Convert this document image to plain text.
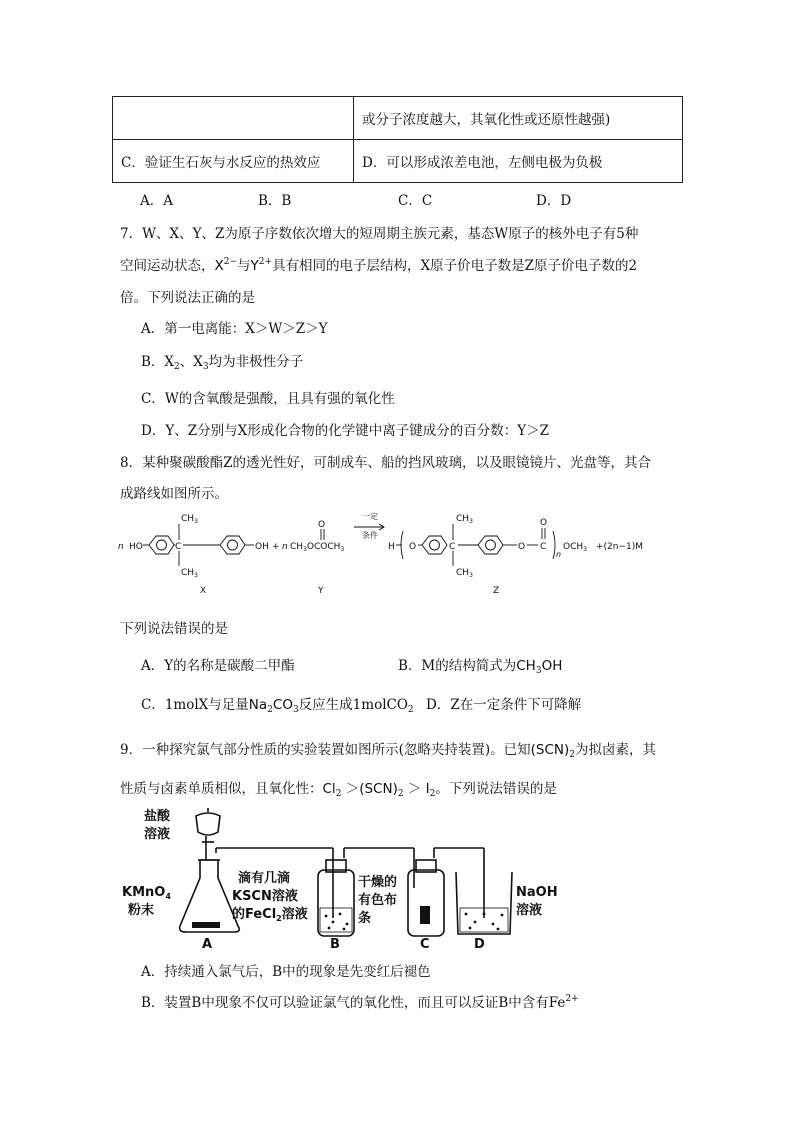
	或分子浓度越大，其氧化性或还原性越强)
C．验证生石灰与水反应的热效应	D．可以形成浓差电池，左侧电极为负极
A．A	B．B	C．C	D．D
7．W、X、Y、Z为原子序数依次增大的短周期主族元素，基态W原子的核外电子有5种
空间运动状态，$X^{2-}$与$Y^{2+}$具有相同的电子层结构，X原子价电子数是Z原子价电子数的2
倍。下列说法正确的是
A．第一电离能：X＞W＞Z＞Y
B．$X_2$、$X_3$均为非极性分子
C．W的含氧酸是强酸，且具有强的氧化性
D．Y、Z分别与X形成化合物的化学键中离子键成分的百分数：Y＞Z
8．某种聚碳酸酯Z的透光性好，可制成车、船的挡风玻璃，以及眼镜镜片、光盘等，其合
成路线如图所示。
n HO
$CH_3$
$CH_3$
C	OH + n $CH_3OCOCH_3$
O
一定
条件
H O
$CH_3$
$CH_3$
C	O C
O
n
$OCH_3 +(2n-1)M$
X	Y	Z
下列说法错误的是
A．Y的名称是碳酸二甲酯	B．M的结构简式为$CH_3OH$
C．1molX与足量$Na_2CO_3$反应生成1molCO$_2$ D．Z在一定条件下可降解
9．一种探究氯气部分性质的实验装置如图所示(忽略夹持装置)。已知$(SCN)_2$为拟卤素，其
性质与卤素单质相似，且氧化性：$Cl_2 >(SCN)_2 > I_2$。下列说法错误的是
盐酸
溶液
KMnO$_4$
粉末
滴有几滴
KSCN溶液
的FeCl$_2$溶液
干燥的
有色布
条
NaOH
溶液
A	B	C	D
A．持续通入氯气后，B中的现象是先变红后褪色
B．装置B中现象不仅可以验证氯气的氧化性，而且可以反证B中含有$Fe^{2+}$
